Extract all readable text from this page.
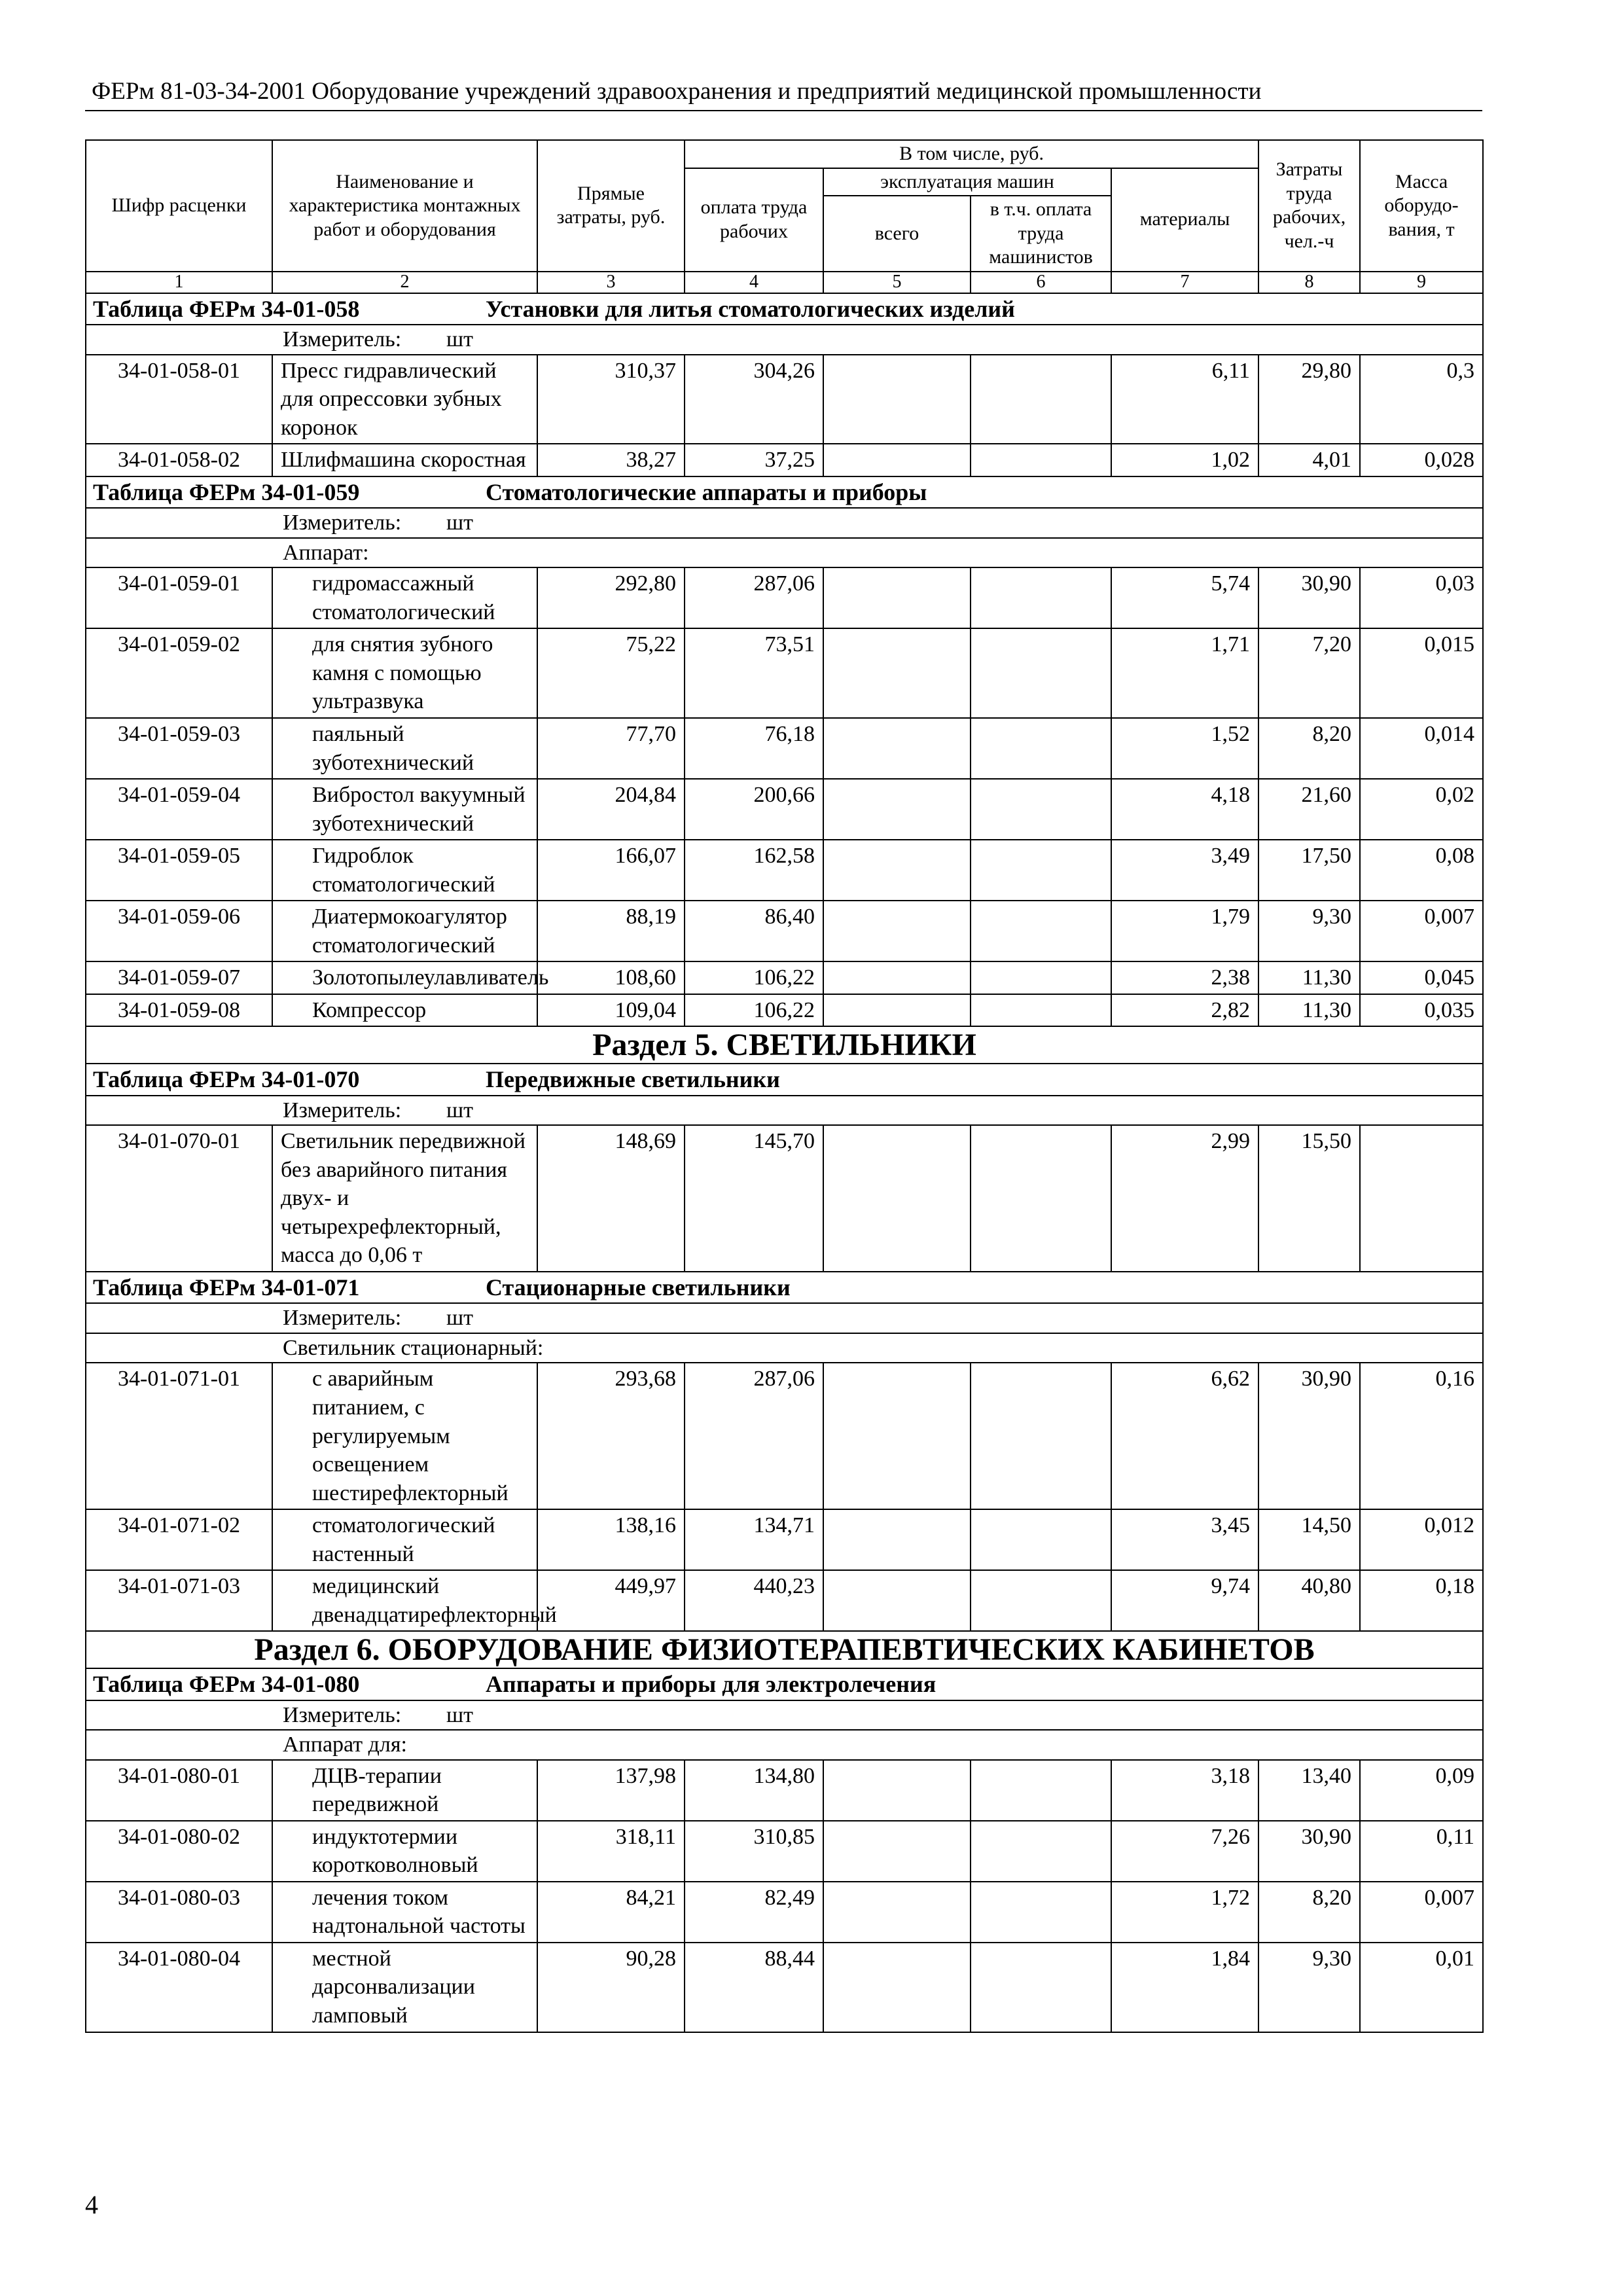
ФЕРм 81-03-34-2001 Оборудование учреждений здравоохранения и предприятий медицинской промышленности
Шифр расценки	Наименование и характеристика монтажных работ и оборудования	Прямые затраты, руб.	В том числе, руб.				Затраты труда рабочих, чел.-ч	Масса оборудо-вания, т
			оплата труда рабочих	эксплуатация машин		материалы		
				всего	в т.ч. оплата труда машинистов			
1	2	3	4	5	6	7	8	9
Таблица ФЕРм 34-01-058 Установки для литья стоматологических изделий								

Измеритель: шт								

34-01-058-01	Пресс гидравлический для опрессовки зубных коронок	310,37	304,26			6,11	29,80	0,3
34-01-058-02	Шлифмашина скоростная	38,27	37,25			1,02	4,01	0,028
Таблица ФЕРм 34-01-059 Стоматологические аппараты и приборы								

Измеритель: шт								

Аппарат:								

34-01-059-01	гидромассажный стоматологический	292,80	287,06			5,74	30,90	0,03
34-01-059-02	для снятия зубного камня с помощью ультразвука	75,22	73,51			1,71	7,20	0,015
34-01-059-03	паяльный зуботехнический	77,70	76,18			1,52	8,20	0,014
34-01-059-04	Вибростол вакуумный зуботехнический	204,84	200,66			4,18	21,60	0,02
34-01-059-05	Гидроблок стоматологический	166,07	162,58			3,49	17,50	0,08
34-01-059-06	Диатермокоагулятор стоматологический	88,19	86,40			1,79	9,30	0,007
34-01-059-07	Золотопылеулавливатель	108,60	106,22			2,38	11,30	0,045
34-01-059-08	Компрессор	109,04	106,22			2,82	11,30	0,035
Раздел 5. СВЕТИЛЬНИКИ								
Таблица ФЕРм 34-01-070 Передвижные светильники								

Измеритель: шт								

34-01-070-01	Светильник передвижной без аварийного питания двух- и четырехрефлекторный, масса до 0,06 т	148,69	145,70			2,99	15,50	
Таблица ФЕРм 34-01-071 Стационарные светильники								

Измеритель: шт								

Светильник стационарный:								

34-01-071-01	с аварийным питанием, с регулируемым освещением шестирефлекторный	293,68	287,06			6,62	30,90	0,16
34-01-071-02	стоматологический настенный	138,16	134,71			3,45	14,50	0,012
34-01-071-03	медицинский двенадцатирефлекторный	449,97	440,23			9,74	40,80	0,18
Раздел 6. ОБОРУДОВАНИЕ ФИЗИОТЕРАПЕВТИЧЕСКИХ КАБИНЕТОВ								
Таблица ФЕРм 34-01-080 Аппараты и приборы для электролечения								

Измеритель: шт								

Аппарат для:								

34-01-080-01	ДЦВ-терапии передвижной	137,98	134,80			3,18	13,40	0,09
34-01-080-02	индуктотермии коротковолновый	318,11	310,85			7,26	30,90	0,11
34-01-080-03	лечения током надтональной частоты	84,21	82,49			1,72	8,20	0,007
34-01-080-04	местной дарсонвализации ламповый	90,28	88,44			1,84	9,30	0,01
4
